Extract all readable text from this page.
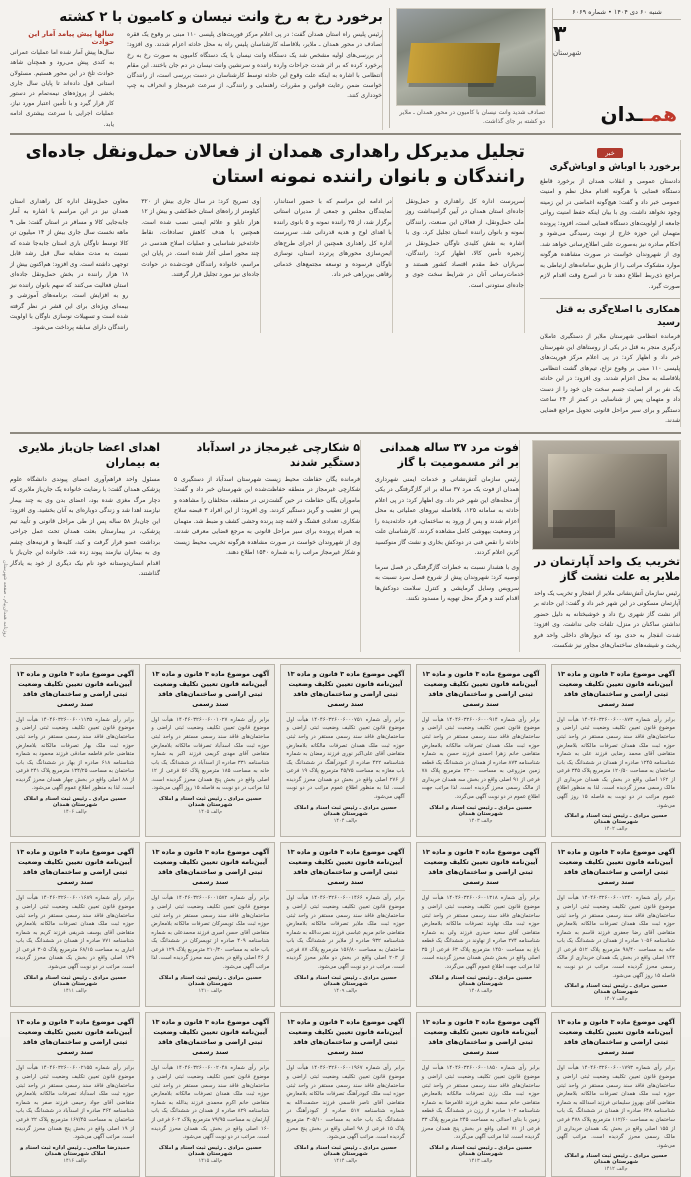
شنبه ۶۰ دی ۱۴۰۴ • شماره ۶۰۶۹
۳
شهرستان
همــدان
تصادف شدید وانت نیسان با کامیون در محور همدان ـ ملایر دو کشته بر جای گذاشت.
برخورد رخ به رخ وانت نیسان و کامیون با ۲ کشته
رئیس پلیس راه استان همدان گفت: در پی اعلام مرکز فوریت‌های پلیسی ۱۱۰ مبنی بر وقوع یک فقره تصادف در محور همدان ـ ملایر، بلافاصله کارشناسان پلیس راه به محل حادثه اعزام شدند. وی افزود: در بررسی‌های اولیه مشخص شد یک دستگاه وانت نیسان با یک دستگاه کامیون به صورت رخ به رخ برخورد کرده که بر اثر شدت جراحات وارده راننده و سرنشین وانت نیسان در دم جان باختند. این مقام انتظامی با اشاره به اینکه علت وقوع این حادثه توسط کارشناسان در دست بررسی است، از رانندگان خواست ضمن رعایت قوانین و مقررات راهنمایی و رانندگی، از سرعت غیرمجاز و انحراف به چپ خودداری کنند.
سالها پیش پیامد آمار این حوادث
سال‌ها پیش آمار شده اما عملیات عمرانی به کندی پیش می‌رود و همچنان شاهد حوادث تلخ در این محور هستیم. مسئولان استانی قول داده‌اند تا پایان سال جاری بخشی از پروژه‌های نیمه‌تمام در دستور کار قرار گیرد و با تأمین اعتبار مورد نیاز، عملیات اجرایی با سرعت بیشتری ادامه یابد.
خبر
برخورد با اوباش و اوباش‌گری
دادستان عمومی و انقلاب همدان از برخورد قاطع دستگاه قضایی با هرگونه اقدام مخل نظم و امنیت عمومی خبر داد و گفت: هیچ‌گونه اغماضی در این زمینه وجود نخواهد داشت. وی با بیان اینکه حفظ امنیت روانی جامعه از اولویت‌های دستگاه قضایی است، افزود: پرونده متهمان این حوزه خارج از نوبت رسیدگی می‌شود و احکام صادره نیز به‌صورت علنی اطلاع‌رسانی خواهد شد. وی از شهروندان خواست در صورت مشاهده هرگونه موارد مشکوک مراتب را از طریق سامانه‌های ارتباطی به مراجع ذی‌ربط اطلاع دهند تا در اسرع وقت اقدام لازم صورت گیرد.
همکاری با اصلاح‌گری به قتل رسید
فرمانده انتظامی شهرستان ملایر از دستگیری عاملان درگیری منجر به قتل در یکی از روستاهای این شهرستان خبر داد و اظهار کرد: در پی اعلام مرکز فوریت‌های پلیسی ۱۱۰ مبنی بر وقوع نزاع، تیم‌های گشت انتظامی بلافاصله به محل اعزام شدند. وی افزود: در این حادثه یک نفر بر اثر اصابت جسم سخت جان خود را از دست داد و متهمان پس از شناسایی در کمتر از ۲۴ ساعت دستگیر و برای سیر مراحل قانونی تحویل مراجع قضایی شدند.
تجلیل مدیرکل راهداری همدان از فعالان حمل‌ونقل جاده‌ای رانندگان و بانوان راننده نمونه استان
سرپرست اداره کل راهداری و حمل‌ونقل جاده‌ای استان همدان در آیین گرامیداشت روز ملی حمل‌ونقل، از فعالان این صنعت، رانندگان نمونه و بانوان راننده استان تجلیل کرد. وی با اشاره به نقش کلیدی ناوگان حمل‌ونقل در زنجیره تأمین کالا، اظهار کرد: رانندگان، سربازان خط مقدم اقتصاد کشور هستند و خدمات‌رسانی آنان در شرایط سخت جوی و جاده‌ای ستودنی است.
در ادامه این مراسم که با حضور استاندار، نمایندگان مجلس و جمعی از مدیران استانی برگزار شد، از ۲۵ راننده نمونه و ۵ بانوی راننده با اهدای لوح و هدیه قدردانی شد. سرپرست اداره کل راهداری همچنین از اجرای طرح‌های ایمن‌سازی محورهای پرتردد استان، نوسازی ناوگان فرسوده و توسعه مجتمع‌های خدماتی رفاهی بین‌راهی خبر داد.
وی تصریح کرد: در سال جاری بیش از ۳۲۰ کیلومتر از راه‌های استان خط‌کشی و بیش از ۱۲ هزار تابلو و علائم ایمنی نصب شده است. همچنین با هدف کاهش تصادفات، نقاط حادثه‌خیز شناسایی و عملیات اصلاح هندسی در چند محور اصلی آغاز شده است. در پایان این مراسم، خانواده رانندگان فوت‌شده در حوادث جاده‌ای نیز مورد تجلیل قرار گرفتند.
معاون حمل‌ونقل اداره کل راهداری استان همدان نیز در این مراسم با اشاره به آمار جابه‌جایی کالا و مسافر در استان گفت: طی ۹ ماهه نخست سال جاری بیش از ۱۴ میلیون تن کالا توسط ناوگان باری استان جابه‌جا شده که نسبت به مدت مشابه سال قبل رشد قابل توجهی داشته است. وی افزود: هم‌اکنون بیش از ۱۸ هزار راننده در بخش حمل‌ونقل جاده‌ای استان فعالیت می‌کنند که سهم بانوان راننده نیز رو به افزایش است. برنامه‌های آموزشی و بیمه‌ای ویژه‌ای برای این قشر در نظر گرفته شده است و تسهیلات نوسازی ناوگان با اولویت رانندگان دارای سابقه پرداخت می‌شود.
تخریب یک واحد آپارتمان در ملایر به علت نشت گاز
رئیس سازمان آتش‌نشانی ملایر از انفجار و تخریب یک واحد آپارتمان مسکونی در این شهر خبر داد و گفت: این حادثه بر اثر نشت گاز شهری رخ داد و خوشبختانه به دلیل حضور نداشتن ساکنان در منزل، تلفات جانی نداشت. وی افزود: شدت انفجار به حدی بود که دیوارهای داخلی واحد فرو ریخت و شیشه‌های ساختمان‌های مجاور نیز شکست.
فوت مرد ۳۷ ساله همدانی بر اثر مسمومیت با گاز
رئیس سازمان آتش‌نشانی و خدمات ایمنی شهرداری همدان از فوت یک مرد ۳۷ ساله بر اثر گازگرفتگی در یکی از محله‌های این شهر خبر داد. وی اظهار کرد: در پی اعلام حادثه به سامانه ۱۲۵، بلافاصله نیروهای عملیاتی به محل اعزام شدند و پس از ورود به ساختمان، فرد حادثه‌دیده را در وضعیت بیهوشی کامل مشاهده کردند. کارشناسان علت حادثه را نقص فنی در دودکش بخاری و نشت گاز منوکسید کربن اعلام کردند.
وی با هشدار نسبت به خطرات گازگرفتگی در فصل سرما توصیه کرد: شهروندان پیش از شروع فصل سرد نسبت به سرویس وسایل گرمایشی و کنترل سلامت دودکش‌ها اقدام کنند و هرگز محل تهویه را مسدود نکنند.
۵ شکارچی غیرمجاز در اسدآباد دستگیر شدند
فرمانده یگان حفاظت محیط زیست شهرستان اسدآباد از دستگیری ۵ شکارچی غیرمجاز در منطقه حفاظت‌شده این شهرستان خبر داد و گفت: ماموران یگان حفاظت در حین گشت‌زنی در منطقه، متخلفان را مشاهده و پس از تعقیب و گریز دستگیر کردند. وی افزود: از این افراد ۳ قبضه سلاح شکاری، تعدادی فشنگ و لاشه چند پرنده وحشی کشف و ضبط شد. متهمان به همراه پرونده برای سیر مراحل قانونی به مرجع قضایی معرفی شدند. وی از شهروندان خواست در صورت مشاهده هرگونه تخریب محیط زیست و شکار غیرمجاز مراتب را به شماره ۱۵۴۰ اطلاع دهند.
اهدای اعضا جان‌باز ملایری به بیماران
مسئول واحد فراهم‌آوری اعضای پیوندی دانشگاه علوم پزشکی همدان گفت: با رضایت خانواده یک جان‌باز ملایری که دچار مرگ مغزی شده بود، اعضای بدن وی به چند بیمار نیازمند اهدا شد و زندگی دوباره‌ای به آنان بخشید. وی افزود: این جان‌باز ۵۸ ساله پس از طی مراحل قانونی و تأیید تیم پزشکی، در بیمارستان بعثت همدان تحت عمل جراحی برداشت عضو قرار گرفت و کبد، کلیه‌ها و قرنیه‌های چشم وی به بیماران نیازمند پیوند زده شد. خانواده این جان‌باز با اقدام انسان‌دوستانه خود نام نیک دیگری از خود به یادگار گذاشتند.
آگهی موضوع ماده ۳ قانون و ماده ۱۳ آیین‌نامه قانون تعیین تکلیف وضعیت ثبتی اراضی و ساختمان‌های فاقد سند رسمی
برابر رأی شماره ۱۴۰۴۶۰۳۲۶۰۰۶۰۰۰۸۷۳ هیأت اول موضوع قانون تعیین تکلیف وضعیت ثبتی اراضی و ساختمان‌های فاقد سند رسمی مستقر در واحد ثبتی حوزه ثبت ملک همدان تصرفات مالکانه بلامعارض متقاضی آقای محمد رضایی فرزند علی به شماره شناسنامه ۱۲۴۵ صادره از همدان در ششدانگ یک باب ساختمان به مساحت ۱۲۰/۵۰ مترمربع پلاک ۳۴۵ فرعی از ۱۶۲ اصلی واقع در بخش یک همدان خریداری از مالک رسمی محرز گردیده است. لذا به منظور اطلاع عموم مراتب در دو نوبت به فاصله ۱۵ روز آگهی می‌شود.
حسین مرادی ـ رئیس ثبت اسناد و املاک شهرستان همدان
م‌الف ۱۴۰۲
آگهی موضوع ماده ۳ قانون و ماده ۱۳ آیین‌نامه قانون تعیین تکلیف وضعیت ثبتی اراضی و ساختمان‌های فاقد سند رسمی
برابر رأی شماره ۱۴۰۴۶۰۳۲۶۰۰۶۰۰۰۹۱۴ هیأت اول موضوع قانون تعیین تکلیف وضعیت ثبتی اراضی و ساختمان‌های فاقد سند رسمی مستقر در واحد ثبتی حوزه ثبت ملک همدان تصرفات مالکانه بلامعارض متقاضی خانم زهرا احمدی فرزند حسن به شماره شناسنامه ۸۷۳ صادره از همدان در ششدانگ یک قطعه زمین مزروعی به مساحت ۲۳۰۰ مترمربع پلاک ۷۸ فرعی از ۹۱ اصلی واقع در بخش سه همدان خریداری از مالک رسمی محرز گردیده است. لذا مراتب جهت اطلاع عموم در دو نوبت آگهی می‌گردد.
حسین مرادی ـ رئیس ثبت اسناد و املاک شهرستان همدان
م‌الف ۱۴۰۳
آگهی موضوع ماده ۳ قانون و ماده ۱۳ آیین‌نامه قانون تعیین تکلیف وضعیت ثبتی اراضی و ساختمان‌های فاقد سند رسمی
برابر رأی شماره ۱۴۰۴۶۰۳۲۶۰۰۶۰۰۰۷۵۱ هیأت اول موضوع قانون تعیین تکلیف وضعیت ثبتی اراضی و ساختمان‌های فاقد سند رسمی مستقر در واحد ثبتی حوزه ثبت ملک همدان تصرفات مالکانه بلامعارض متقاضی آقای علی‌اکبر نوری فرزند رمضان به شماره شناسنامه ۴۲۲ صادره از کبودرآهنگ در ششدانگ یک باب مغازه به مساحت ۴۵/۷۵ مترمربع پلاک ۱۹ فرعی از ۲۷۶ اصلی واقع در بخش دو همدان محرز گردیده است. لذا به منظور اطلاع عموم مراتب در دو نوبت آگهی می‌شود.
حسین مرادی ـ رئیس ثبت اسناد و املاک شهرستان همدان
م‌الف ۱۴۰۴
آگهی موضوع ماده ۳ قانون و ماده ۱۳ آیین‌نامه قانون تعیین تکلیف وضعیت ثبتی اراضی و ساختمان‌های فاقد سند رسمی
برابر رأی شماره ۱۴۰۴۶۰۳۲۶۰۰۶۰۰۱۰۲۷ هیأت اول موضوع قانون تعیین تکلیف وضعیت ثبتی اراضی و ساختمان‌های فاقد سند رسمی مستقر در واحد ثبتی حوزه ثبت ملک اسدآباد تصرفات مالکانه بلامعارض متقاضی آقای مهدی کریمی فرزند اکبر به شماره شناسنامه ۳۳۱ صادره از اسدآباد در ششدانگ یک باب خانه به مساحت ۱۸۵ مترمربع پلاک ۵۶ فرعی از ۱۲ اصلی واقع در بخش پنج همدان محرز گردیده است. لذا مراتب در دو نوبت به فاصله ۱۵ روز آگهی می‌شود.
حسین مرادی ـ رئیس ثبت اسناد و املاک شهرستان همدان
م‌الف ۱۴۰۵
آگهی موضوع ماده ۳ قانون و ماده ۱۳ آیین‌نامه قانون تعیین تکلیف وضعیت ثبتی اراضی و ساختمان‌های فاقد سند رسمی
برابر رأی شماره ۱۴۰۴۶۰۳۲۶۰۰۶۰۰۱۱۳۵ هیأت اول موضوع قانون تعیین تکلیف وضعیت ثبتی اراضی و ساختمان‌های فاقد سند رسمی مستقر در واحد ثبتی حوزه ثبت ملک بهار تصرفات مالکانه بلامعارض متقاضی خانم فاطمه صادقی فرزند محمود به شماره شناسنامه ۶۱۸ صادره از بهار در ششدانگ یک باب ساختمان به مساحت ۱۳۴/۲۵ مترمربع پلاک ۲۴۱ فرعی از ۸۸ اصلی واقع در بخش چهار همدان محرز گردیده است. لذا به منظور اطلاع عموم آگهی می‌شود.
حسین مرادی ـ رئیس ثبت اسناد و املاک شهرستان همدان
م‌الف ۱۴۰۶
آگهی موضوع ماده ۳ قانون و ماده ۱۳ آیین‌نامه قانون تعیین تکلیف وضعیت ثبتی اراضی و ساختمان‌های فاقد سند رسمی
برابر رأی شماره ۱۴۰۴۶۰۳۲۶۰۰۶۰۰۱۲۴۰ هیأت اول موضوع قانون تعیین تکلیف وضعیت ثبتی اراضی و ساختمان‌های فاقد سند رسمی مستقر در واحد ثبتی حوزه ثبت ملک همدان تصرفات مالکانه بلامعارض متقاضی آقای رضا جعفری فرزند قاسم به شماره شناسنامه ۱۰۵۶ صادره از همدان در ششدانگ یک باب خانه به مساحت ۹۸/۴۰ مترمربع پلاک ۵۱۲ فرعی از ۱۴۴ اصلی واقع در بخش یک همدان خریداری از مالک رسمی محرز گردیده است. مراتب در دو نوبت به فاصله ۱۵ روز آگهی می‌شود.
حسین مرادی ـ رئیس ثبت اسناد و املاک شهرستان همدان
م‌الف ۱۴۰۷
آگهی موضوع ماده ۳ قانون و ماده ۱۳ آیین‌نامه قانون تعیین تکلیف وضعیت ثبتی اراضی و ساختمان‌های فاقد سند رسمی
برابر رأی شماره ۱۴۰۴۶۰۳۲۶۰۰۶۰۰۱۳۱۸ هیأت اول موضوع قانون تعیین تکلیف وضعیت ثبتی اراضی و ساختمان‌های فاقد سند رسمی مستقر در واحد ثبتی حوزه ثبت ملک نهاوند تصرفات مالکانه بلامعارض متقاضی آقای سعید حیدری فرزند ولی به شماره شناسنامه ۲۷۴ صادره از نهاوند در ششدانگ یک قطعه باغ به مساحت ۱۴۵۰ مترمربع پلاک ۶۳ فرعی از ۳۵ اصلی واقع در بخش شش همدان محرز گردیده است. لذا مراتب جهت اطلاع عموم آگهی می‌گردد.
حسین مرادی ـ رئیس ثبت اسناد و املاک شهرستان همدان
م‌الف ۱۴۰۸
آگهی موضوع ماده ۳ قانون و ماده ۱۳ آیین‌نامه قانون تعیین تکلیف وضعیت ثبتی اراضی و ساختمان‌های فاقد سند رسمی
برابر رأی شماره ۱۴۰۴۶۰۳۲۶۰۰۶۰۰۱۴۶۶ هیأت اول موضوع قانون تعیین تکلیف وضعیت ثبتی اراضی و ساختمان‌های فاقد سند رسمی مستقر در واحد ثبتی حوزه ثبت ملک ملایر تصرفات مالکانه بلامعارض متقاضی خانم مریم عباسی فرزند نصرت‌الله به شماره شناسنامه ۹۳۲ صادره از ملایر در ششدانگ یک باب ساختمان به مساحت ۱۵۶/۸۰ مترمربع پلاک ۸۷ فرعی از ۲۰۳ اصلی واقع در بخش دو ملایر محرز گردیده است. مراتب در دو نوبت آگهی می‌شود.
حسین مرادی ـ رئیس ثبت اسناد و املاک شهرستان همدان
م‌الف ۱۴۰۹
آگهی موضوع ماده ۳ قانون و ماده ۱۳ آیین‌نامه قانون تعیین تکلیف وضعیت ثبتی اراضی و ساختمان‌های فاقد سند رسمی
برابر رأی شماره ۱۴۰۴۶۰۳۲۶۰۰۶۰۰۱۵۷۲ هیأت اول موضوع قانون تعیین تکلیف وضعیت ثبتی اراضی و ساختمان‌های فاقد سند رسمی مستقر در واحد ثبتی حوزه ثبت ملک تویسرکان تصرفات مالکانه بلامعارض متقاضی آقای حسن امیری فرزند محمدعلی به شماره شناسنامه ۴۰۹ صادره از تویسرکان در ششدانگ یک باب خانه به مساحت ۲۱۰/۳۰ مترمربع پلاک ۱۲۹ فرعی از ۴۶ اصلی واقع در بخش سه محرز گردیده است. لذا مراتب آگهی می‌شود.
حسین مرادی ـ رئیس ثبت اسناد و املاک شهرستان همدان
م‌الف ۱۴۱۰
آگهی موضوع ماده ۳ قانون و ماده ۱۳ آیین‌نامه قانون تعیین تکلیف وضعیت ثبتی اراضی و ساختمان‌های فاقد سند رسمی
برابر رأی شماره ۱۴۰۴۶۰۳۲۶۰۰۶۰۰۱۶۸۹ هیأت اول موضوع قانون تعیین تکلیف وضعیت ثبتی اراضی و ساختمان‌های فاقد سند رسمی مستقر در واحد ثبتی حوزه ثبت ملک همدان تصرفات مالکانه بلامعارض متقاضی آقای یوسف شریفی فرزند کریم به شماره شناسنامه ۷۷۱ صادره از همدان در ششدانگ یک باب انباری به مساحت ۶۸/۱۵ مترمربع پلاک ۳۰۵ فرعی از ۱۳۹ اصلی واقع در بخش یک همدان محرز گردیده است. مراتب در دو نوبت آگهی می‌شود.
حسین مرادی ـ رئیس ثبت اسناد و املاک شهرستان همدان
م‌الف ۱۴۱۱
آگهی موضوع ماده ۳ قانون و ماده ۱۳ آیین‌نامه قانون تعیین تکلیف وضعیت ثبتی اراضی و ساختمان‌های فاقد سند رسمی
برابر رأی شماره ۱۴۰۴۶۰۳۲۶۰۰۶۰۰۱۷۹۳ هیأت اول موضوع قانون تعیین تکلیف وضعیت ثبتی اراضی و ساختمان‌های فاقد سند رسمی مستقر در واحد ثبتی حوزه ثبت ملک همدان تصرفات مالکانه بلامعارض متقاضی آقای بهروز سلیمانی فرزند اسدالله به شماره شناسنامه ۶۴۸ صادره از همدان در ششدانگ یک باب ساختمان به مساحت ۱۱۲/۶۰ مترمربع پلاک ۴۷۸ فرعی از ۱۵۵ اصلی واقع در بخش یک همدان خریداری از مالک رسمی محرز گردیده است. مراتب آگهی می‌شود.
حسین مرادی ـ رئیس ثبت اسناد و املاک شهرستان همدان
م‌الف ۱۴۱۲
آگهی موضوع ماده ۳ قانون و ماده ۱۳ آیین‌نامه قانون تعیین تکلیف وضعیت ثبتی اراضی و ساختمان‌های فاقد سند رسمی
برابر رأی شماره ۱۴۰۴۶۰۳۲۶۰۰۶۰۰۱۸۵۰ هیأت اول موضوع قانون تعیین تکلیف وضعیت ثبتی اراضی و ساختمان‌های فاقد سند رسمی مستقر در واحد ثبتی حوزه ثبت ملک رزن تصرفات مالکانه بلامعارض متقاضی خانم سمیه نظری فرزند غلامرضا به شماره شناسنامه ۱۰۲ صادره از رزن در ششدانگ یک قطعه زمین با بنای احداثی به مساحت ۲۴۵ مترمربع پلاک ۳۳ فرعی از ۷۱ اصلی واقع در بخش پنج همدان محرز گردیده است. لذا مراتب آگهی می‌گردد.
حسین مرادی ـ رئیس ثبت اسناد و املاک شهرستان همدان
م‌الف ۱۴۱۳
آگهی موضوع ماده ۳ قانون و ماده ۱۳ آیین‌نامه قانون تعیین تکلیف وضعیت ثبتی اراضی و ساختمان‌های فاقد سند رسمی
برابر رأی شماره ۱۴۰۴۶۰۳۲۶۰۰۶۰۰۱۹۶۷ هیأت اول موضوع قانون تعیین تکلیف وضعیت ثبتی اراضی و ساختمان‌های فاقد سند رسمی مستقر در واحد ثبتی حوزه ثبت ملک کبودرآهنگ تصرفات مالکانه بلامعارض متقاضی آقای ناصر قاسمی فرزند حشمت‌الله به شماره شناسنامه ۵۱۷ صادره از کبودرآهنگ در ششدانگ یک باب خانه به مساحت ۳۰۵/۱۰ مترمربع پلاک ۱۵ فرعی از ۹۸ اصلی واقع در بخش پنج محرز گردیده است. مراتب آگهی می‌شود.
حسین مرادی ـ رئیس ثبت اسناد و املاک شهرستان همدان
م‌الف ۱۴۱۴
آگهی موضوع ماده ۳ قانون و ماده ۱۳ آیین‌نامه قانون تعیین تکلیف وضعیت ثبتی اراضی و ساختمان‌های فاقد سند رسمی
برابر رأی شماره ۱۴۰۴۶۰۳۲۶۰۰۶۰۰۲۰۴۸ هیأت اول موضوع قانون تعیین تکلیف وضعیت ثبتی اراضی و ساختمان‌های فاقد سند رسمی مستقر در واحد ثبتی حوزه ثبت ملک همدان تصرفات مالکانه بلامعارض متقاضی خانم اکرم محمدی فرزند یدالله به شماره شناسنامه ۸۲۹ صادره از همدان در ششدانگ یک باب آپارتمان به مساحت ۷۹/۹۵ مترمربع پلاک ۶۰۲ فرعی از ۱۶۰ اصلی واقع در بخش یک همدان محرز گردیده است. مراتب در دو نوبت آگهی می‌شود.
حسین مرادی ـ رئیس ثبت اسناد و املاک شهرستان همدان
م‌الف ۱۴۱۵
آگهی موضوع ماده ۳ قانون و ماده ۱۳ آیین‌نامه قانون تعیین تکلیف وضعیت ثبتی اراضی و ساختمان‌های فاقد سند رسمی
برابر رأی شماره ۱۴۰۴۶۰۳۲۶۰۰۶۰۰۲۱۵۵ هیأت اول موضوع قانون تعیین تکلیف وضعیت ثبتی اراضی و ساختمان‌های فاقد سند رسمی مستقر در واحد ثبتی حوزه ثبت ملک اسدآباد تصرفات مالکانه بلامعارض متقاضی آقای جواد رحیمی فرزند صفر به شماره شناسنامه ۳۶۴ صادره از اسدآباد در ششدانگ یک باب ساختمان به مساحت ۱۶۷/۴۵ مترمربع پلاک ۲۲ فرعی از ۱۹ اصلی واقع در بخش پنج همدان محرز گردیده است. مراتب آگهی می‌شود.
حمیدرضا صالحی ـ رئیس اداره ثبت اسناد و املاک شهرستان همدان
م‌الف ۱۴۱۶
روزنامه همدان‌پیام ـ صفحه شهرستان
